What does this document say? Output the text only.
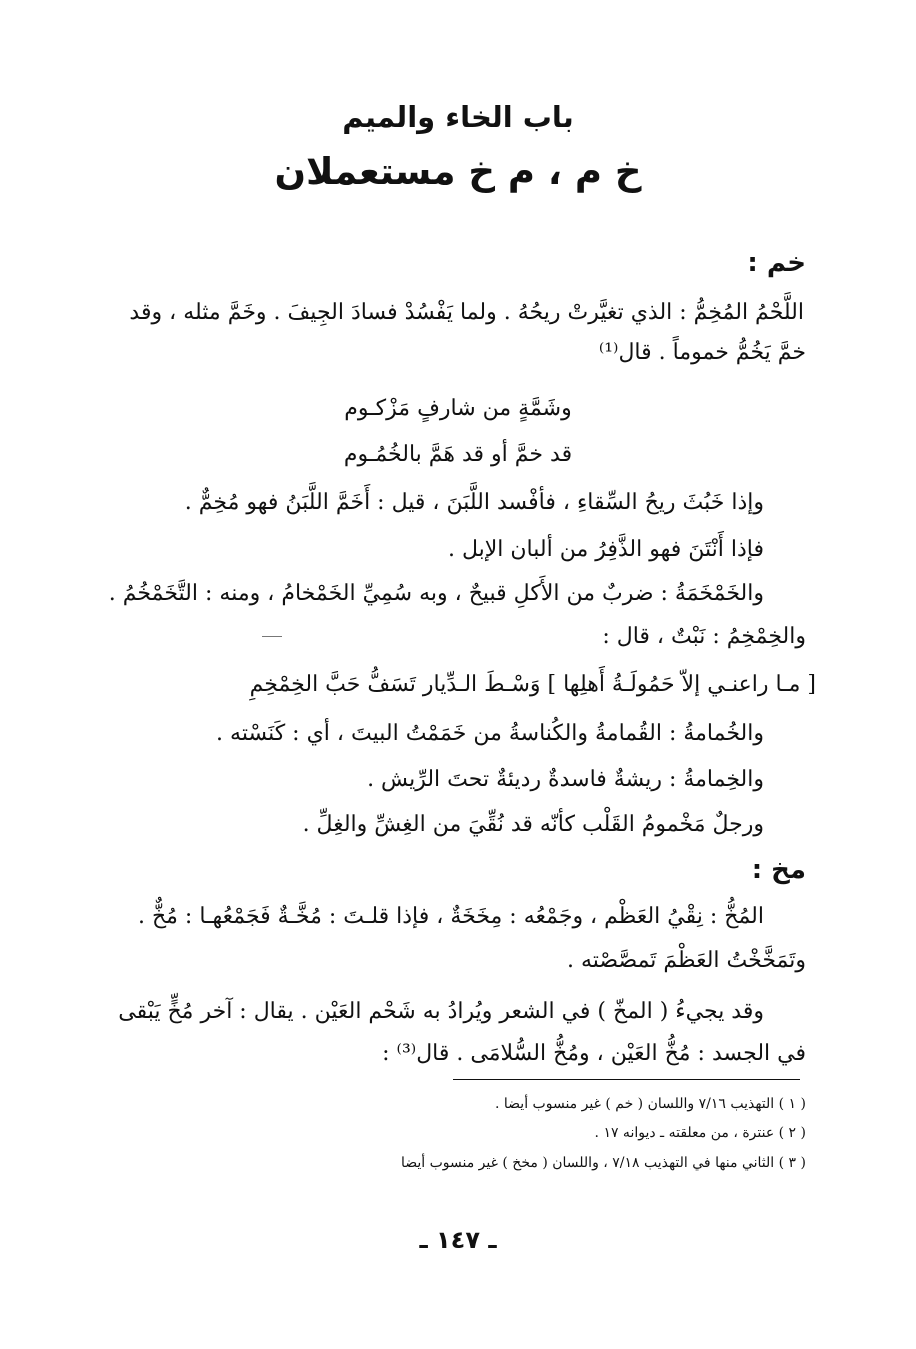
باب الخاء والميم
خ م ، م خ مستعملان
خم :
اللَّحْمُ المُخِمُّ : الذي تغيَّرتْ ريحُهُ . ولما يَفْسُدْ فسادَ الجِيفَ . وخَمَّ مثله ، وقد
خمَّ يَخُمُّ خموماً . قال⁽¹⁾
وشَمَّةٍ من شارفٍ مَزْكـوم
قد خمَّ أو قد هَمَّ بالخُمُـوم
وإذا خَبُثَ ريحُ السِّقاءِ ، فأفْسد اللَّبَنَ ، قيل : أَخَمَّ اللَّبَنُ فهو مُخِمٌّ .
فإذا أَنْتَنَ فهو الذَّفِرُ من ألبان الإبل .
والخَمْخَمَةُ : ضربٌ من الأَكلِ قبيحٌ ، وبه سُمِيِّ الخَمْخامُ ، ومنه : التَّخَمْخُمُ .
والخِمْخِمُ : نَبْتٌ ، قال :
[ مـا راعنـي إلاّ حَمُولَـةُ أَهلِها ] وَسْـطَ الـدِّيار تَسَفُّ حَبَّ الخِمْخِمِ
والخُمامةُ : القُمامةُ والكُناسةُ من خَمَمْتُ البيتَ ، أي : كَنَسْته .
والخِمامةُ : ريشةٌ فاسدةٌ رديئةٌ تحتَ الرِّيش .
ورجلٌ مَخْمومُ القَلْب كأنّه قد نُقِّيَ من الغِشِّ والغِلِّ .
مخ :
المُخُّ : نِقْيُ العَظْم ، وجَمْعُه : مِخَخَةٌ ، فإذا قلـتَ : مُخَّـةٌ فَجَمْعُهـا : مُخٌّ .
وتَمَخَّخْتُ العَظْمَ تَمصَّصْته .
وقد يجيءُ ( المخّ ) في الشعر ويُرادُ به شَحْم العَيْن . يقال : آخر مُخٍّ يَبْقى
في الجسد : مُخُّ العَيْن ، ومُخُّ السُّلامَى . قال⁽³⁾ :
( ١ ) التهذيب ٧/١٦ واللسان ( خم ) غير منسوب أيضا .
( ٢ ) عنترة ، من معلقته ـ ديوانه ١٧ .
( ٣ ) الثاني منها في التهذيب ٧/١٨ ، واللسان ( مخخ ) غير منسوب أيضا
ـ ١٤٧ ـ
